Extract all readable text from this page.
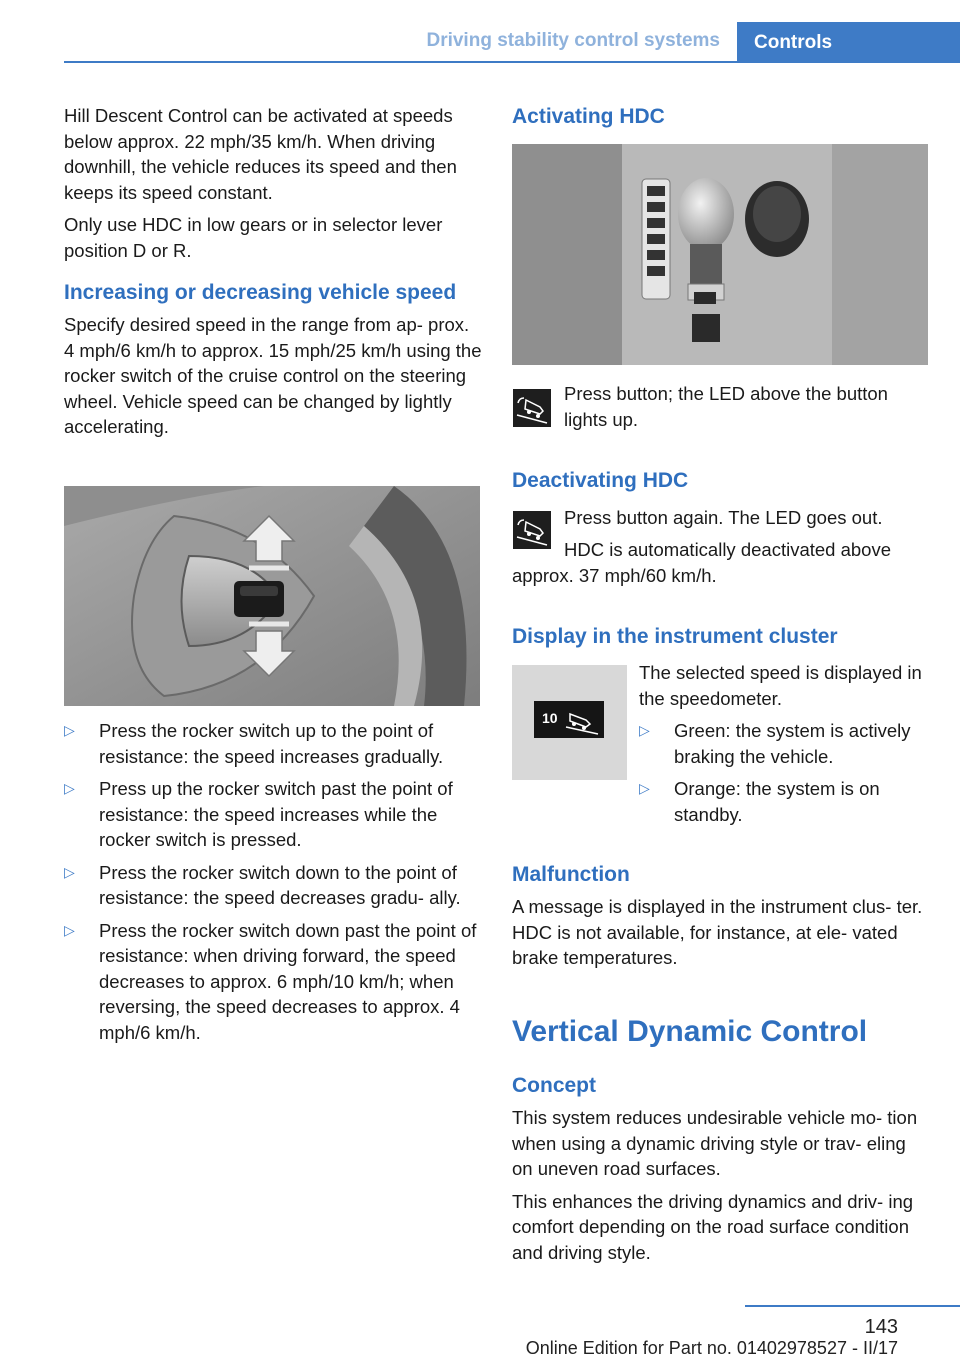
Driving stability control systems	Controls

Hill Descent Control can be activated at speeds below approx. 22 mph/35 km/h. When driving downhill, the vehicle reduces its speed and then keeps its speed constant.

Only use HDC in low gears or in selector lever position D or R.

Increasing or decreasing vehicle speed

Specify desired speed in the range from ap‐ prox. 4 mph/6 km/h to approx. 15 mph/25 km/h using the rocker switch of the cruise control on the steering wheel. Vehicle speed can be changed by lightly accelerating.

▷ Press the rocker switch up to the point of resistance: the speed increases gradually.
▷ Press up the rocker switch past the point of resistance: the speed increases while the rocker switch is pressed.
▷ Press the rocker switch down to the point of resistance: the speed decreases gradu‐ ally.
▷ Press the rocker switch down past the point of resistance: when driving forward, the speed decreases to approx. 6 mph/10 km/h; when reversing, the speed decreases to approx. 4 mph/6 km/h.
Activating HDC
Press button; the LED above the button lights up.
Deactivating HDC
Press button again. The LED goes out.
HDC is automatically deactivated above approx. 37 mph/60 km/h.
Display in the instrument cluster
10

The selected speed is displayed in the speedometer.

▷ Green: the system is actively braking the vehicle.
▷ Orange: the system is on standby.
Malfunction
A message is displayed in the instrument clus‐ ter. HDC is not available, for instance, at ele‐ vated brake temperatures.
Vertical Dynamic Control
Concept

This system reduces undesirable vehicle mo‐ tion when using a dynamic driving style or trav‐ eling on uneven road surfaces.

This enhances the driving dynamics and driv‐ ing comfort depending on the road surface condition and driving style.

143
Online Edition for Part no. 01402978527 - II/17
